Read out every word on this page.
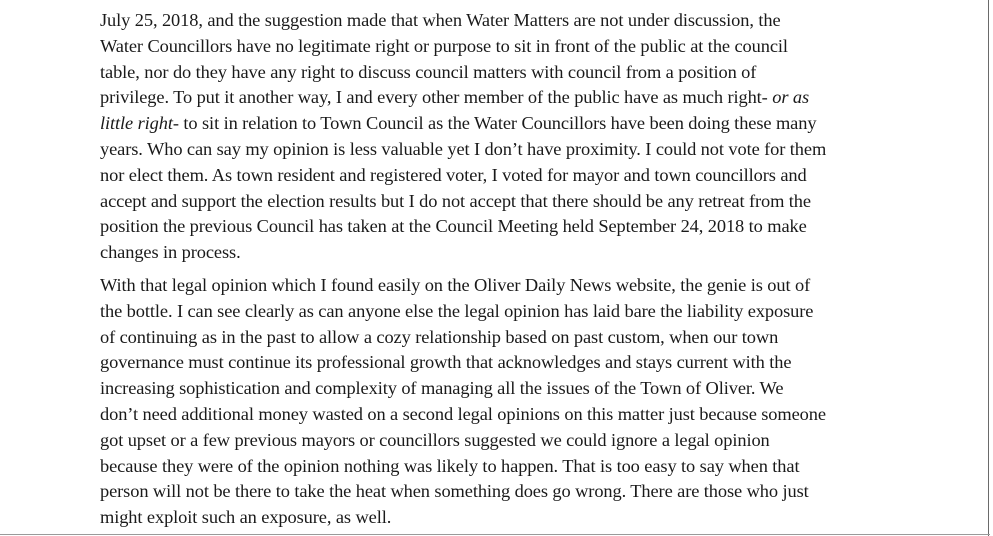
July 25, 2018, and the suggestion made that when Water Matters are not under discussion, the
Water Councillors have no legitimate right or purpose to sit in front of the public at the council
table, nor do they have any right to discuss council matters with council from a position of
privilege. To put it another way, I and every other member of the public have as much right- or as
little right- to sit in relation to Town Council as the Water Councillors have been doing these many
years. Who can say my opinion is less valuable yet I don’t have proximity. I could not vote for them
nor elect them. As town resident and registered voter, I voted for mayor and town councillors and
accept and support the election results but I do not accept that there should be any retreat from the
position the previous Council has taken at the Council Meeting held September 24, 2018 to make
changes in process.
With that legal opinion which I found easily on the Oliver Daily News website, the genie is out of
the bottle. I can see clearly as can anyone else the legal opinion has laid bare the liability exposure
of continuing as in the past to allow a cozy relationship based on past custom, when our town
governance must continue its professional growth that acknowledges and stays current with the
increasing sophistication and complexity of managing all the issues of the Town of Oliver. We
don’t need additional money wasted on a second legal opinions on this matter just because someone
got upset or a few previous mayors or councillors suggested we could ignore a legal opinion
because they were of the opinion nothing was likely to happen. That is too easy to say when that
person will not be there to take the heat when something does go wrong. There are those who just
might exploit such an exposure, as well.
